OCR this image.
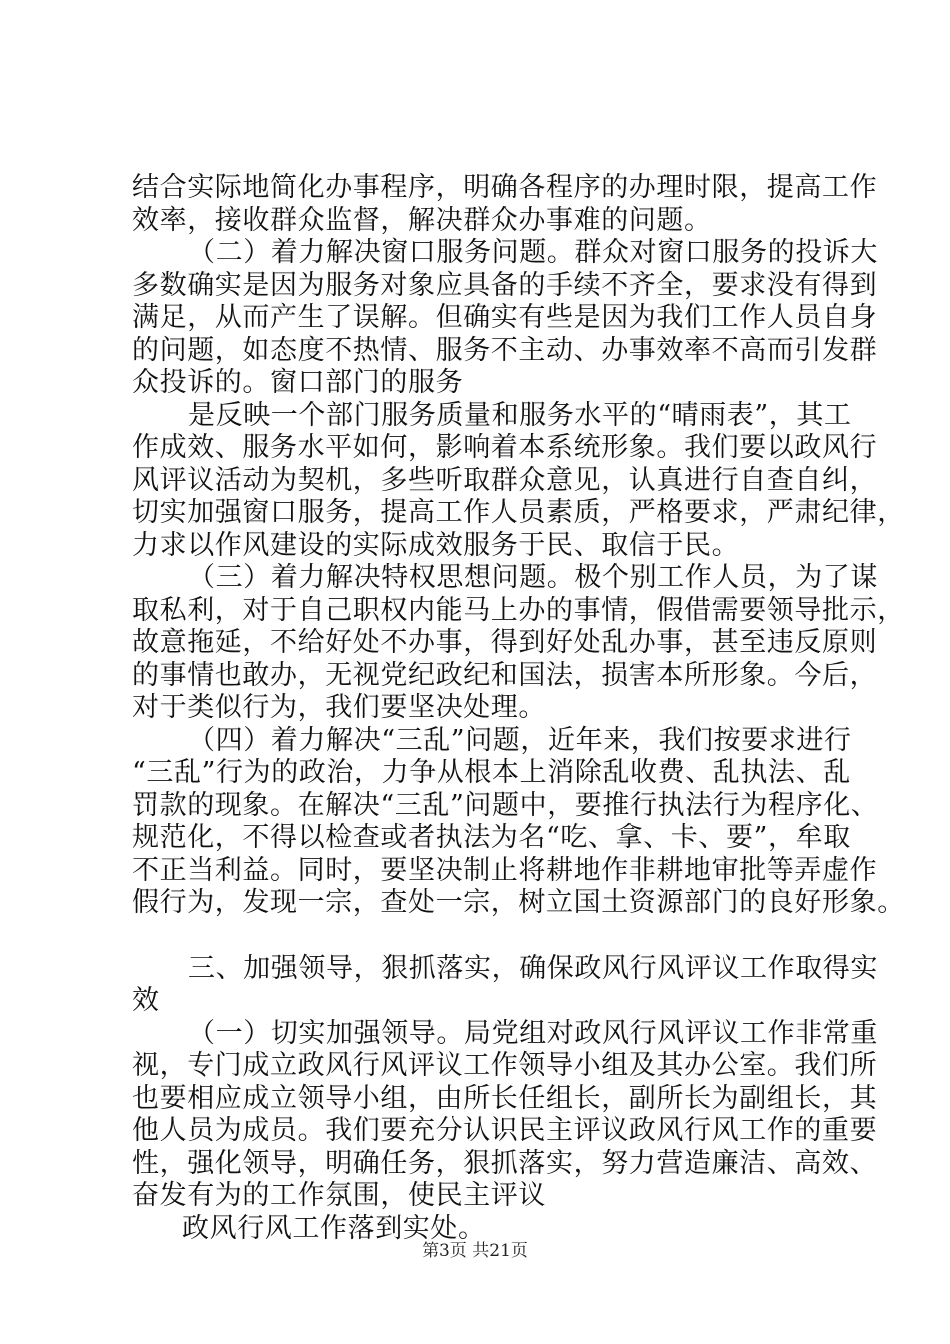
结合实际地简化办事程序，明确各程序的办理时限，提高工作
效率，接收群众监督，解决群众办事难的问题。
（二）着力解决窗口服务问题。群众对窗口服务的投诉大
多数确实是因为服务对象应具备的手续不齐全，要求没有得到
满足，从而产生了误解。但确实有些是因为我们工作人员自身
的问题，如态度不热情、服务不主动、办事效率不高而引发群
众投诉的。窗口部门的服务
是反映一个部门服务质量和服务水平的“晴雨表”，其工
作成效、服务水平如何，影响着本系统形象。我们要以政风行
风评议活动为契机，多些听取群众意见，认真进行自查自纠，
切实加强窗口服务，提高工作人员素质，严格要求，严肃纪律，
力求以作风建设的实际成效服务于民、取信于民。
（三）着力解决特权思想问题。极个别工作人员，为了谋
取私利，对于自己职权内能马上办的事情，假借需要领导批示，
故意拖延，不给好处不办事，得到好处乱办事，甚至违反原则
的事情也敢办，无视党纪政纪和国法，损害本所形象。今后，
对于类似行为，我们要坚决处理。
（四）着力解决“三乱”问题，近年来，我们按要求进行
“三乱”行为的政治，力争从根本上消除乱收费、乱执法、乱
罚款的现象。在解决“三乱”问题中，要推行执法行为程序化、
规范化，不得以检查或者执法为名“吃、拿、卡、要”，牟取
不正当利益。同时，要坚决制止将耕地作非耕地审批等弄虚作
假行为，发现一宗，查处一宗，树立国土资源部门的良好形象。
三、加强领导，狠抓落实，确保政风行风评议工作取得实
效
（一）切实加强领导。局党组对政风行风评议工作非常重
视，专门成立政风行风评议工作领导小组及其办公室。我们所
也要相应成立领导小组，由所长任组长，副所长为副组长，其
他人员为成员。我们要充分认识民主评议政风行风工作的重要
性，强化领导，明确任务，狠抓落实，努力营造廉洁、高效、
奋发有为的工作氛围，使民主评议
政风行风工作落到实处。
第3页 共21页
